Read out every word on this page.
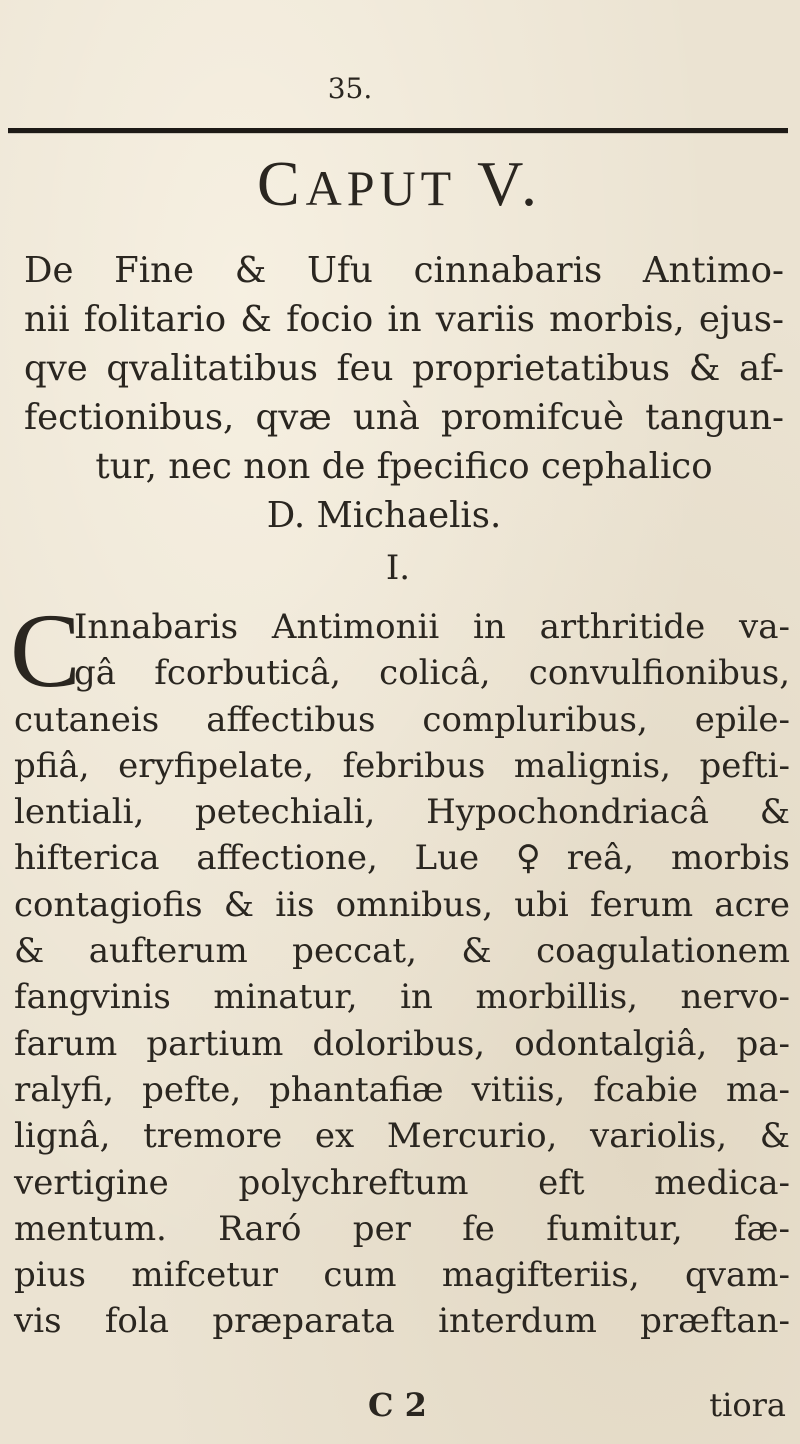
35.
CAPUT V.
De Fine & Ufu cinnabaris Antimo-
nii folitario & focio in variis morbis, ejus-
qve qvalitatibus feu proprietatibus & af-
fectionibus, qvæ unà promifcuè tangun-
tur, nec non de fpecifico cephalico
D. Michaelis.
I.
C
Innabaris Antimonii in arthritide va-
gâ fcorbuticâ, colicâ, convulfionibus,
cutaneis affectibus compluribus, epile-
pfiâ, eryfipelate, febribus malignis, pefti-
lentiali, petechiali, Hypochondriacâ &
hifterica affectione, Lue ♀reâ, morbis
contagiofis & iis omnibus, ubi ferum acre
& aufterum peccat, & coagulationem
fangvinis minatur, in morbillis, nervo-
farum partium doloribus, odontalgiâ, pa-
ralyfi, pefte, phantafiæ vitiis, fcabie ma-
lignâ, tremore ex Mercurio, variolis, &
vertigine polychreftum eft medica-
mentum. Raró per fe fumitur, fæ-
pius mifcetur cum magifteriis, qvam-
vis fola præparata interdum præftan-
C 2	tiora
